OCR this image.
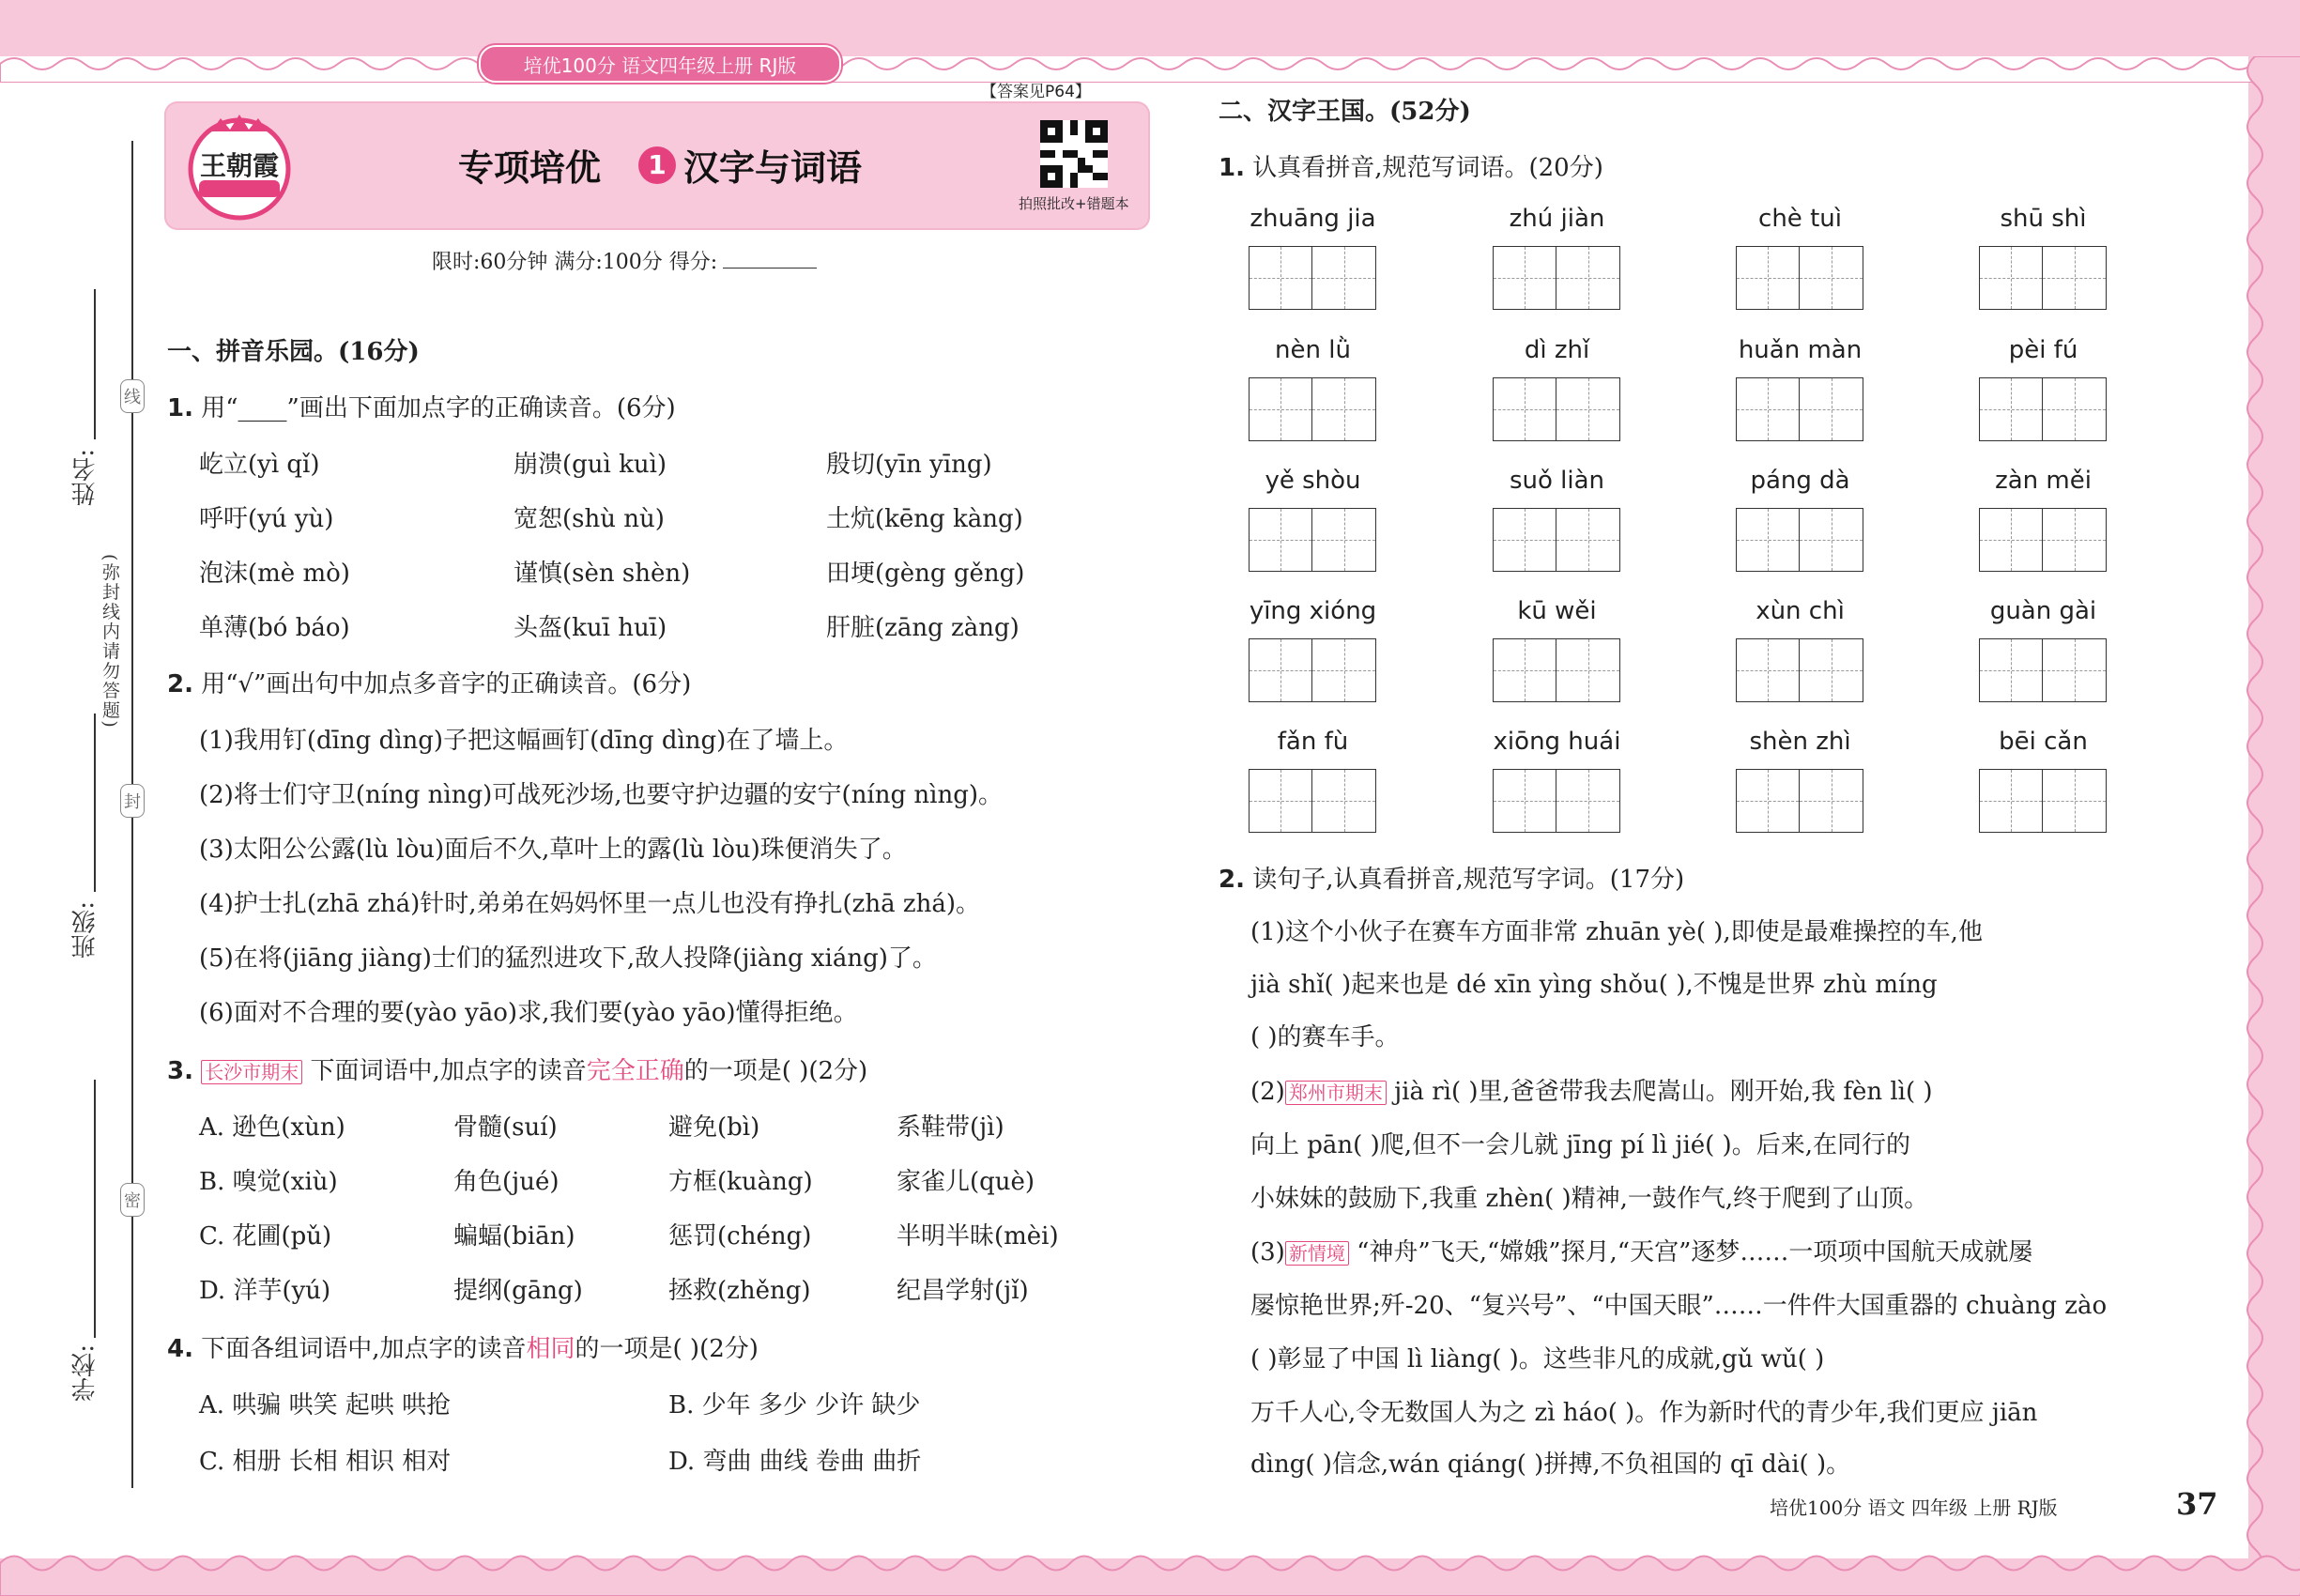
培优100分 语文四年级上册 RJ版
线
封
密
(弥封线内请勿答题)
姓名:
班级:
学校:
王朝霞
【答案见P64】
专项培优	1 汉字与词语
拍照批改+错题本
限时:60分钟 满分:100分 得分:
一、拼音乐园。(16分)
1. 用“____”画出下面加点字的正确读音。(6分)
屹立(yì qǐ)	崩溃(guì kuì)	殷切(yīn yīng)
呼吁(yú yù)	宽恕(shù nù)	土炕(kēng kàng)
泡沫(mè mò)	谨慎(sèn shèn)	田埂(gèng gěng)
单薄(bó báo)	头盔(kuī huī)	肝脏(zāng zàng)
2. 用“√”画出句中加点多音字的正确读音。(6分)
(1)我用钉(dīng dìng)子把这幅画钉(dīng dìng)在了墙上。
(2)将士们守卫(níng nìng)可战死沙场,也要守护边疆的安宁(níng nìng)。
(3)太阳公公露(lù lòu)面后不久,草叶上的露(lù lòu)珠便消失了。
(4)护士扎(zhā zhá)针时,弟弟在妈妈怀里一点儿也没有挣扎(zhā zhá)。
(5)在将(jiāng jiàng)士们的猛烈进攻下,敌人投降(jiàng xiáng)了。
(6)面对不合理的要(yào yāo)求,我们要(yào yāo)懂得拒绝。
3. 长沙市期末 下面词语中,加点字的读音完全正确的一项是( )(2分)
A. 逊色(xùn)	骨髓(suí)	避免(bì)	系鞋带(jì)
B. 嗅觉(xiù)	角色(jué)	方框(kuàng)	家雀儿(què)
C. 花圃(pǔ)	蝙蝠(biān)	惩罚(chéng)	半明半昧(mèi)
D. 洋芋(yú)	提纲(gāng)	拯救(zhěng)	纪昌学射(jǐ)
4. 下面各组词语中,加点字的读音相同的一项是( )(2分)
A. 哄骗 哄笑 起哄 哄抢	B. 少年 多少 少许 缺少
C. 相册 长相 相识 相对	D. 弯曲 曲线 卷曲 曲折
二、汉字王国。(52分)
1. 认真看拼音,规范写词语。(20分)
zhuāng jia	zhú jiàn	chè tuì	shū shì
nèn lǜ	dì zhǐ	huǎn màn	pèi fú
yě shòu	suǒ liàn	páng dà	zàn měi
yīng xióng	kū wěi	xùn chì	guàn gài
fǎn fù	xiōng huái	shèn zhì	bēi cǎn
2. 读句子,认真看拼音,规范写字词。(17分)
(1)这个小伙子在赛车方面非常 zhuān yè( ),即使是最难操控的车,他
jià shǐ( )起来也是 dé xīn yìng shǒu( ),不愧是世界 zhù míng
( )的赛车手。
(2) 郑州市期末 jià rì( )里,爸爸带我去爬嵩山。刚开始,我 fèn lì( )
向上 pān( )爬,但不一会儿就 jīng pí lì jié( )。后来,在同行的
小妹妹的鼓励下,我重 zhèn( )精神,一鼓作气,终于爬到了山顶。
(3) 新情境 “神舟”飞天,“嫦娥”探月,“天宫”逐梦……一项项中国航天成就屡
屡惊艳世界;歼-20、“复兴号”、“中国天眼”……一件件大国重器的 chuàng zào
( )彰显了中国 lì liàng( )。这些非凡的成就,gǔ wǔ( )
万千人心,令无数国人为之 zì háo( )。作为新时代的青少年,我们更应 jiān
dìng( )信念,wán qiáng( )拼搏,不负祖国的 qī dài( )。
培优100分 语文 四年级 上册 RJ版	37
